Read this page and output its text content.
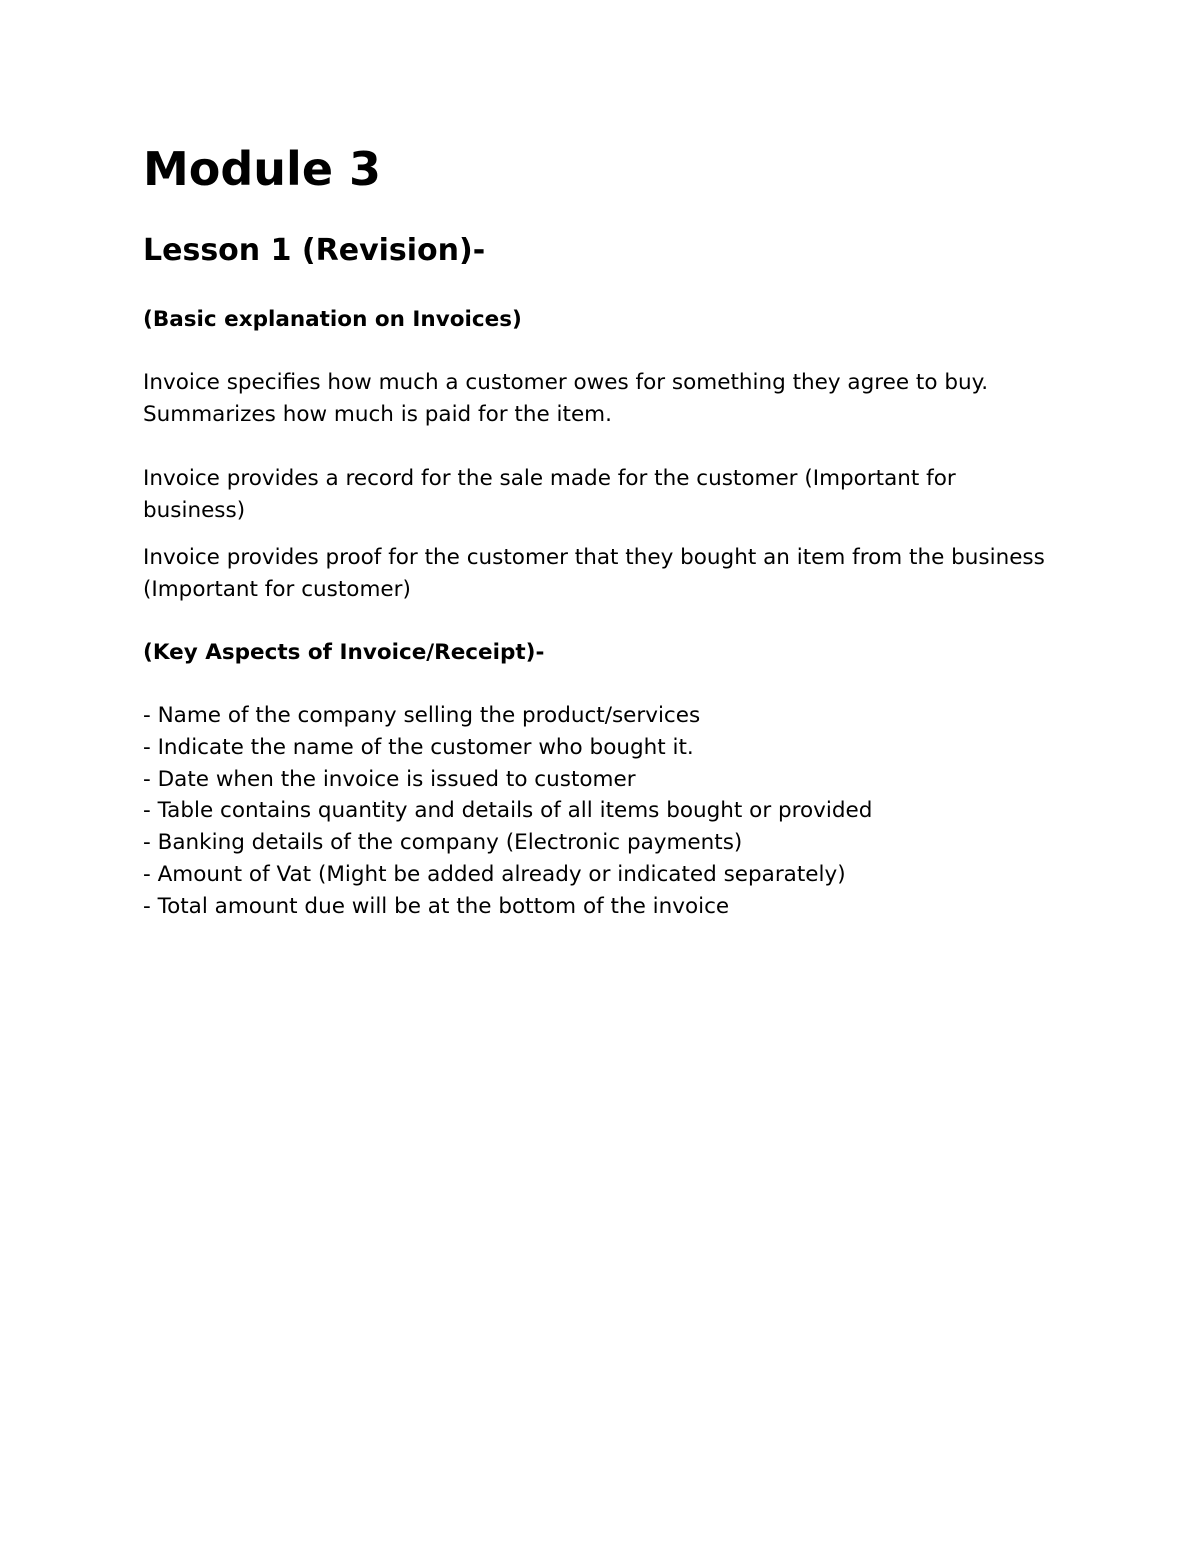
Module 3
Lesson 1 (Revision)-
(Basic explanation on Invoices)

Invoice specifies how much a customer owes for something they agree to buy. Summarizes how much is paid for the item.

Invoice provides a record for the sale made for the customer (Important for business)

Invoice provides proof for the customer that they bought an item from the business (Important for customer)

(Key Aspects of Invoice/Receipt)-
- Name of the company selling the product/services
- Indicate the name of the customer who bought it.
- Date when the invoice is issued to customer
- Table contains quantity and details of all items bought or provided
- Banking details of the company (Electronic payments)
- Amount of Vat (Might be added already or indicated separately)
- Total amount due will be at the bottom of the invoice
